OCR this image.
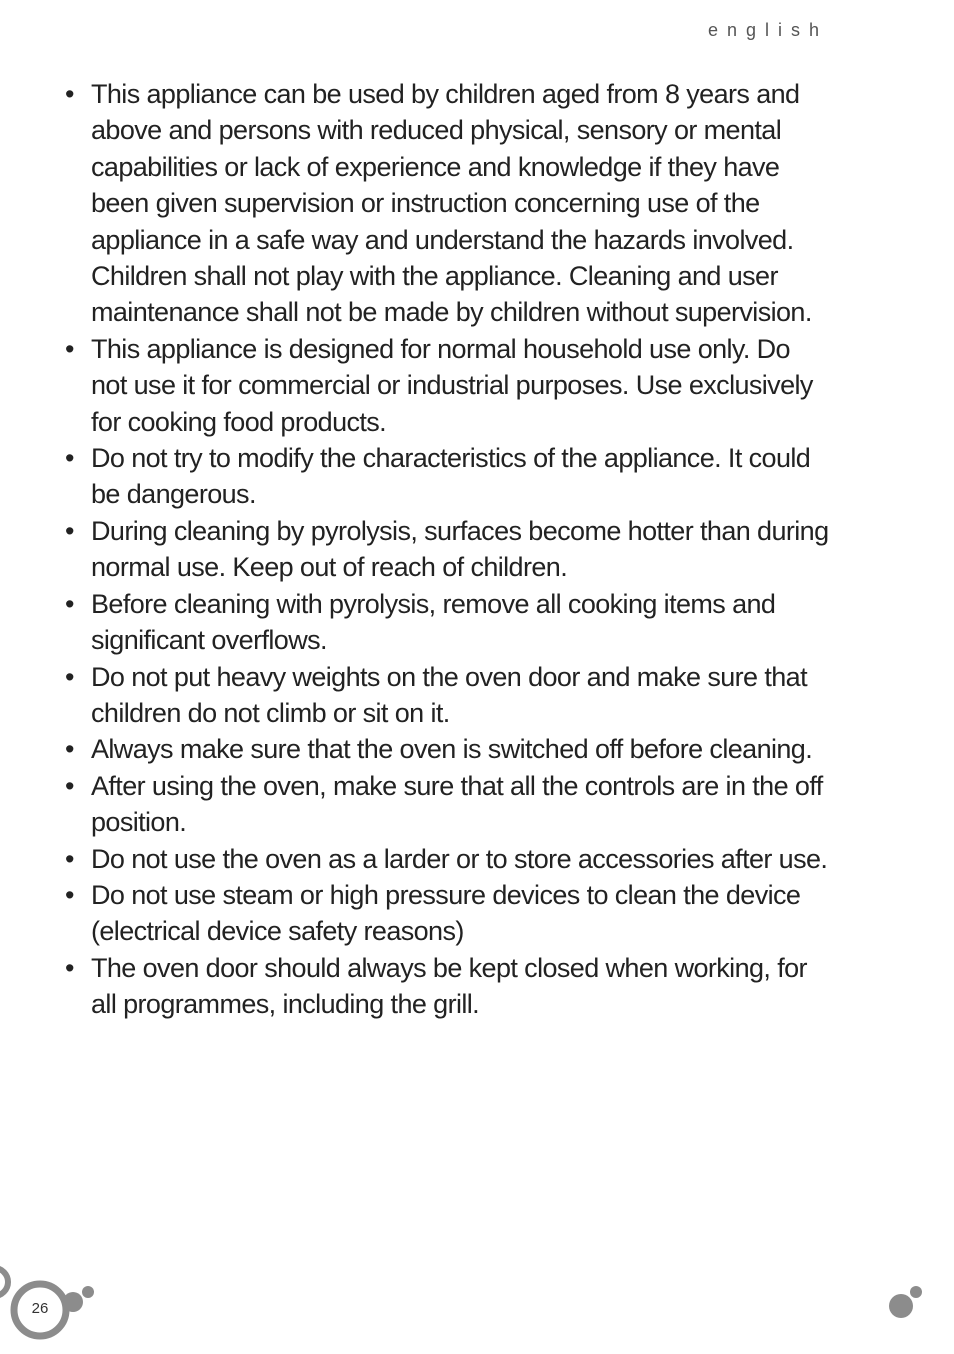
english
• This appliance can be used by children aged from 8 years and above and persons with reduced physical, sensory or mental capabilities or lack of experience and knowledge if they have been given supervision or instruction concerning use of the appliance in a safe way and understand the hazards involved. Children shall not play with the appliance. Cleaning and user maintenance shall not be made by children without supervision.
• This appliance is designed for normal household use only. Do not use it for commercial or industrial purposes. Use exclusively for cooking food products.
• Do not try to modify the characteristics of the appliance. It could be dangerous.
• During cleaning by pyrolysis, surfaces become hotter than during normal use. Keep out of reach of children.
• Before cleaning with pyrolysis, remove all cooking items and significant overflows.
• Do not put heavy weights on the oven door and make sure that children do not climb or sit on it.
• Always make sure that the oven is switched off before cleaning.
• After using the oven, make sure that all the controls are in the off position.
• Do not use the oven as a larder or to store accessories after use.
• Do not use steam or high pressure devices to clean the device (electrical device safety reasons)
• The oven door should always be kept closed when working, for all programmes, including the grill.
26
